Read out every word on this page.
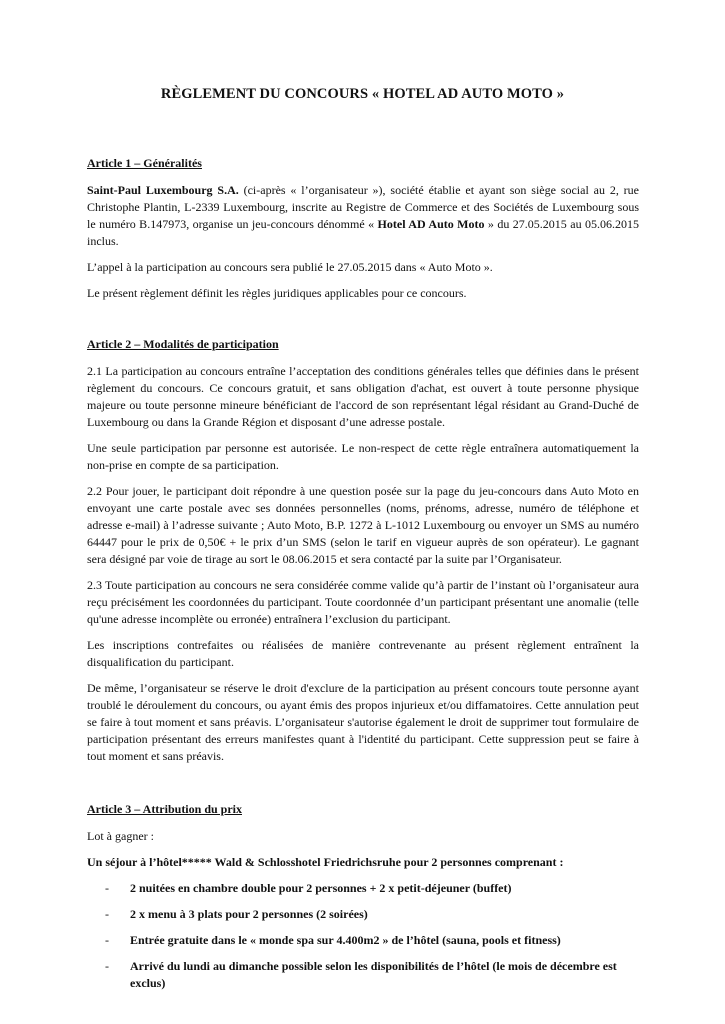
RÈGLEMENT DU CONCOURS « HOTEL AD AUTO MOTO »
Article 1 – Généralités

Saint-Paul Luxembourg S.A. (ci-après « l’organisateur »), société établie et ayant son siège social au 2, rue Christophe Plantin, L-2339 Luxembourg, inscrite au Registre de Commerce et des Sociétés de Luxembourg sous le numéro B.147973, organise un jeu-concours dénommé « Hotel AD Auto Moto » du 27.05.2015 au 05.06.2015 inclus.

L’appel à la participation au concours sera publié le 27.05.2015 dans « Auto Moto ».

Le présent règlement définit les règles juridiques applicables pour ce concours.

Article 2 – Modalités de participation

2.1 La participation au concours entraîne l’acceptation des conditions générales telles que définies dans le présent règlement du concours. Ce concours gratuit, et sans obligation d'achat, est ouvert à toute personne physique majeure ou toute personne mineure bénéficiant de l'accord de son représentant légal résidant au Grand-Duché de Luxembourg ou dans la Grande Région et disposant d’une adresse postale.

Une seule participation par personne est autorisée. Le non-respect de cette règle entraînera automatiquement la non-prise en compte de sa participation.

2.2 Pour jouer, le participant doit répondre à une question posée sur la page du jeu-concours dans Auto Moto en envoyant une carte postale avec ses données personnelles (noms, prénoms, adresse, numéro de téléphone et adresse e-mail) à l’adresse suivante ; Auto Moto, B.P. 1272 à L-1012 Luxembourg ou envoyer un SMS au numéro 64447 pour le prix de 0,50€ + le prix d’un SMS (selon le tarif en vigueur auprès de son opérateur). Le gagnant sera désigné par voie de tirage au sort le 08.06.2015 et sera contacté par la suite par l’Organisateur.

2.3 Toute participation au concours ne sera considérée comme valide qu’à partir de l’instant où l’organisateur aura reçu précisément les coordonnées du participant. Toute coordonnée d’un participant présentant une anomalie (telle qu'une adresse incomplète ou erronée) entraînera l’exclusion du participant.

Les inscriptions contrefaites ou réalisées de manière contrevenante au présent règlement entraînent la disqualification du participant.

De même, l’organisateur se réserve le droit d'exclure de la participation au présent concours toute personne ayant troublé le déroulement du concours, ou ayant émis des propos injurieux et/ou diffamatoires. Cette annulation peut se faire à tout moment et sans préavis. L’organisateur s'autorise également le droit de supprimer tout formulaire de participation présentant des erreurs manifestes quant à l'identité du participant. Cette suppression peut se faire à tout moment et sans préavis.

Article 3 – Attribution du prix

Lot à gagner :

Un séjour à l’hôtel***** Wald & Schlosshotel Friedrichsruhe pour 2 personnes comprenant :

- 2 nuitées en chambre double pour 2 personnes + 2 x petit-déjeuner (buffet)
- 2 x menu à 3 plats pour 2 personnes (2 soirées)
- Entrée gratuite dans le « monde spa sur 4.400m2 » de l’hôtel (sauna, pools et fitness)
- Arrivé du lundi au dimanche possible selon les disponibilités de l’hôtel (le mois de décembre est exclus)
